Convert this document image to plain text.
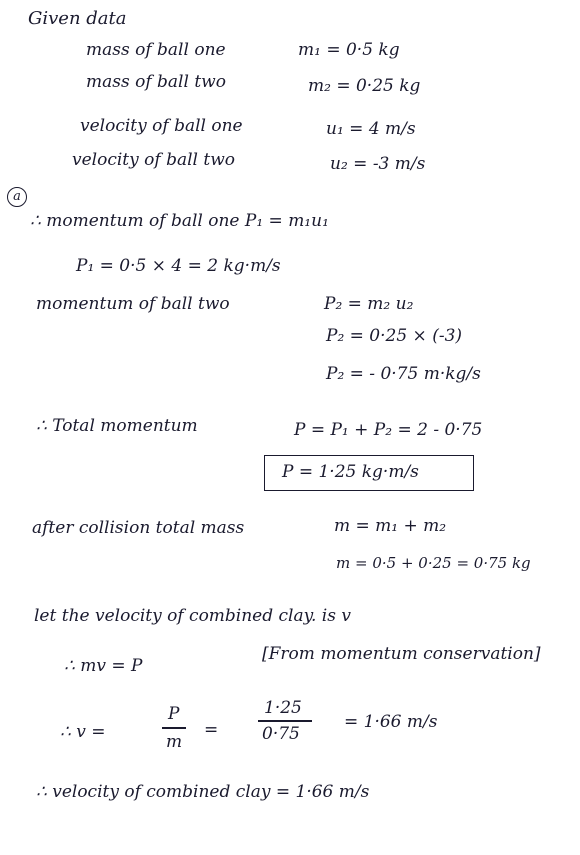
Given data
mass of ball one	m₁ = 0·5 kg
mass of ball two	m₂ = 0·25 kg
velocity of ball one	u₁ = 4 m/s
velocity of ball two	u₂ = -3 m/s
a
∴ momentum of ball one P₁ = m₁u₁
P₁ = 0·5 × 4 = 2 kg·m/s
momentum of ball two	P₂ = m₂ u₂
P₂ = 0·25 × (-3)
P₂ = - 0·75 m·kg/s
∴ Total momentum	P = P₁ + P₂ = 2 - 0·75
P = 1·25 kg·m/s
after collision total mass	m = m₁ + m₂
m = 0·5 + 0·25 = 0·75 kg
let the velocity of combined clay. is v
∴ mv = P
[From momentum conservation]
∴ v =
P
m
=
1·25
0·75
= 1·66 m/s
∴ velocity of combined clay = 1·66 m/s
